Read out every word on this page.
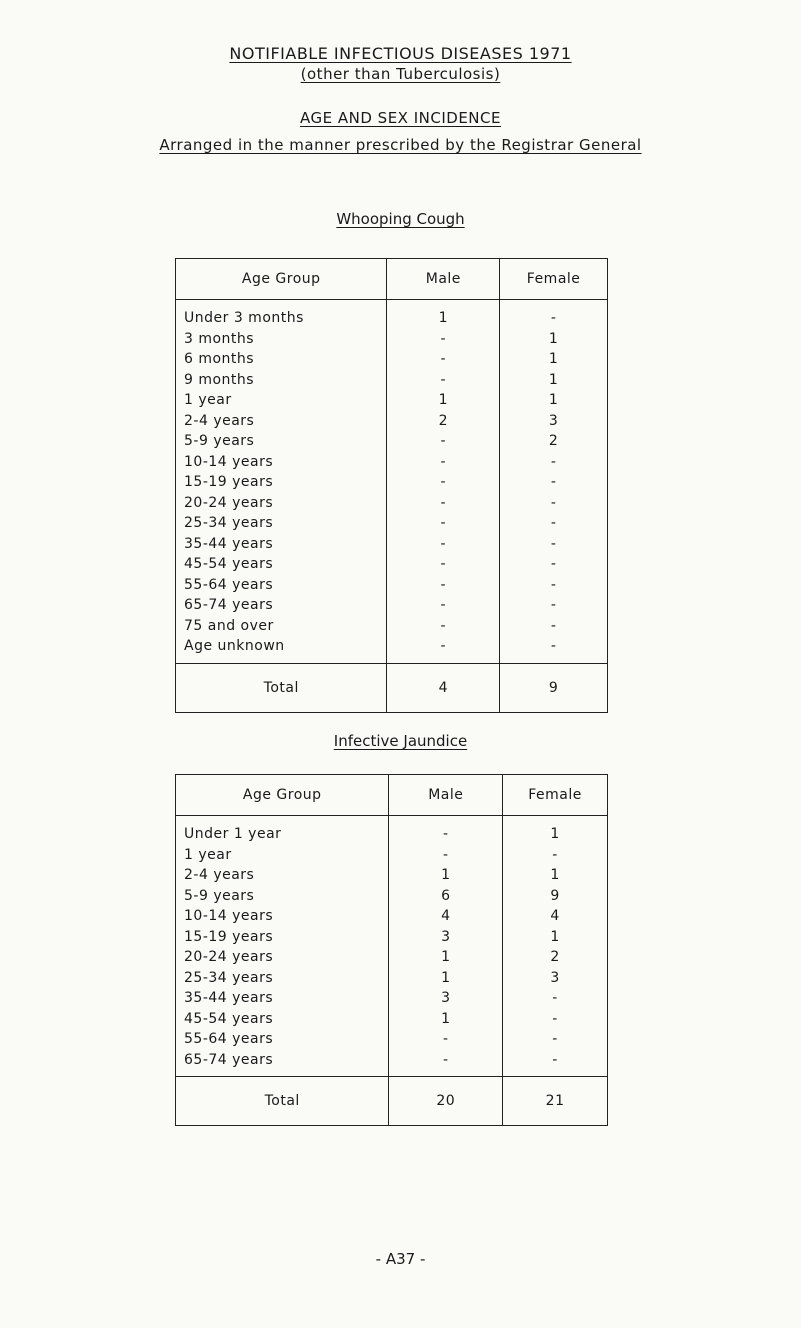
NOTIFIABLE INFECTIOUS DISEASES 1971
(other than Tuberculosis)
AGE AND SEX INCIDENCE
Arranged in the manner prescribed by the Registrar General
Whooping Cough
Age Group	Male	Female
Under 3 months	1	-
3 months	-	1
6 months	-	1
9 months	-	1
1 year	1	1
2-4 years	2	3
5-9 years	-	2
10-14 years	-	-
15-19 years	-	-
20-24 years	-	-
25-34 years	-	-
35-44 years	-	-
45-54 years	-	-
55-64 years	-	-
65-74 years	-	-
75 and over	-	-
Age unknown	-	-
Total	4	9
Infective Jaundice
Age Group	Male	Female
Under 1 year	-	1
1 year	-	-
2-4 years	1	1
5-9 years	6	9
10-14 years	4	4
15-19 years	3	1
20-24 years	1	2
25-34 years	1	3
35-44 years	3	-
45-54 years	1	-
55-64 years	-	-
65-74 years	-	-
Total	20	21
- A37 -
